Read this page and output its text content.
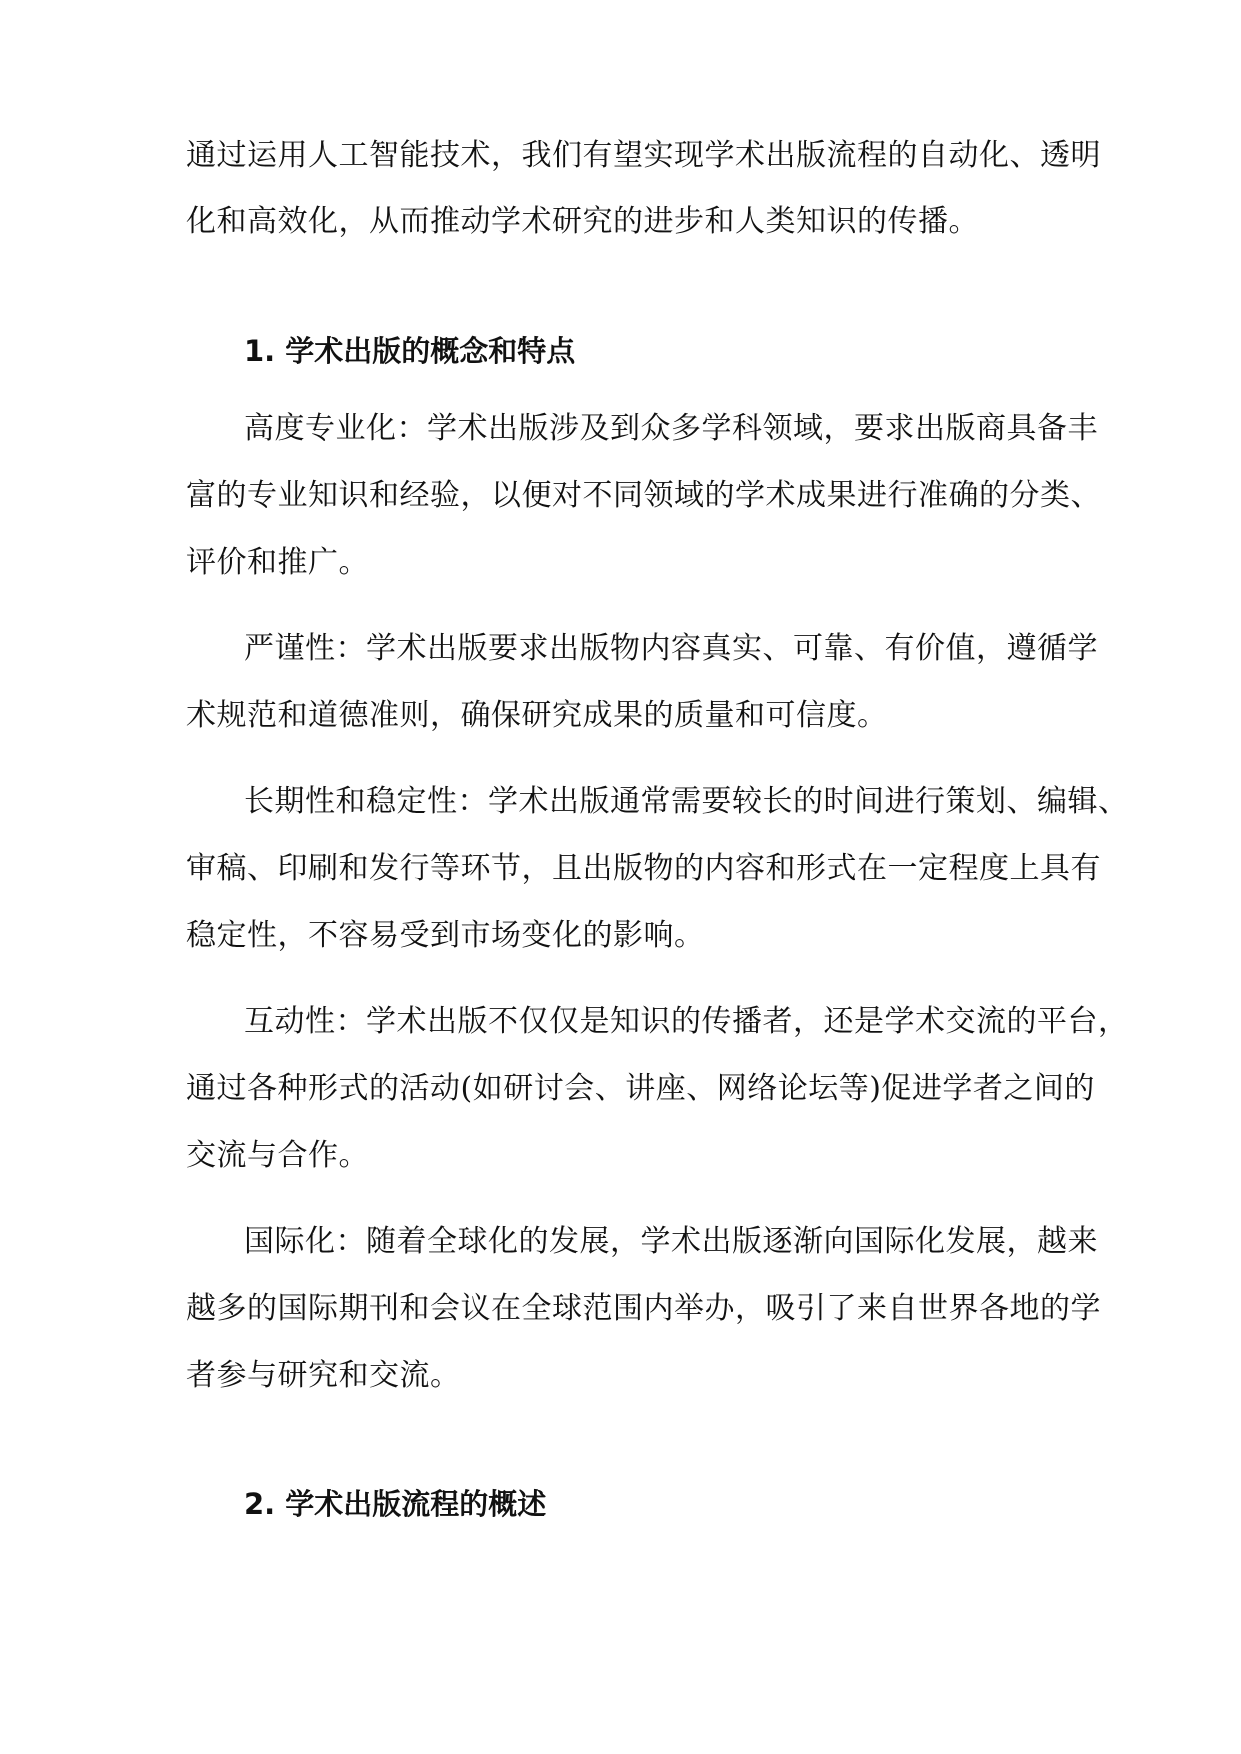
通过运用人工智能技术，我们有望实现学术出版流程的自动化、透明
化和高效化，从而推动学术研究的进步和人类知识的传播。
1. 学术出版的概念和特点
高度专业化：学术出版涉及到众多学科领域，要求出版商具备丰
富的专业知识和经验，以便对不同领域的学术成果进行准确的分类、
评价和推广。
严谨性：学术出版要求出版物内容真实、可靠、有价值，遵循学
术规范和道德准则，确保研究成果的质量和可信度。
长期性和稳定性：学术出版通常需要较长的时间进行策划、编辑、
审稿、印刷和发行等环节，且出版物的内容和形式在一定程度上具有
稳定性，不容易受到市场变化的影响。
互动性：学术出版不仅仅是知识的传播者，还是学术交流的平台，
通过各种形式的活动(如研讨会、讲座、网络论坛等)促进学者之间的
交流与合作。
国际化：随着全球化的发展，学术出版逐渐向国际化发展，越来
越多的国际期刊和会议在全球范围内举办，吸引了来自世界各地的学
者参与研究和交流。
2. 学术出版流程的概述
